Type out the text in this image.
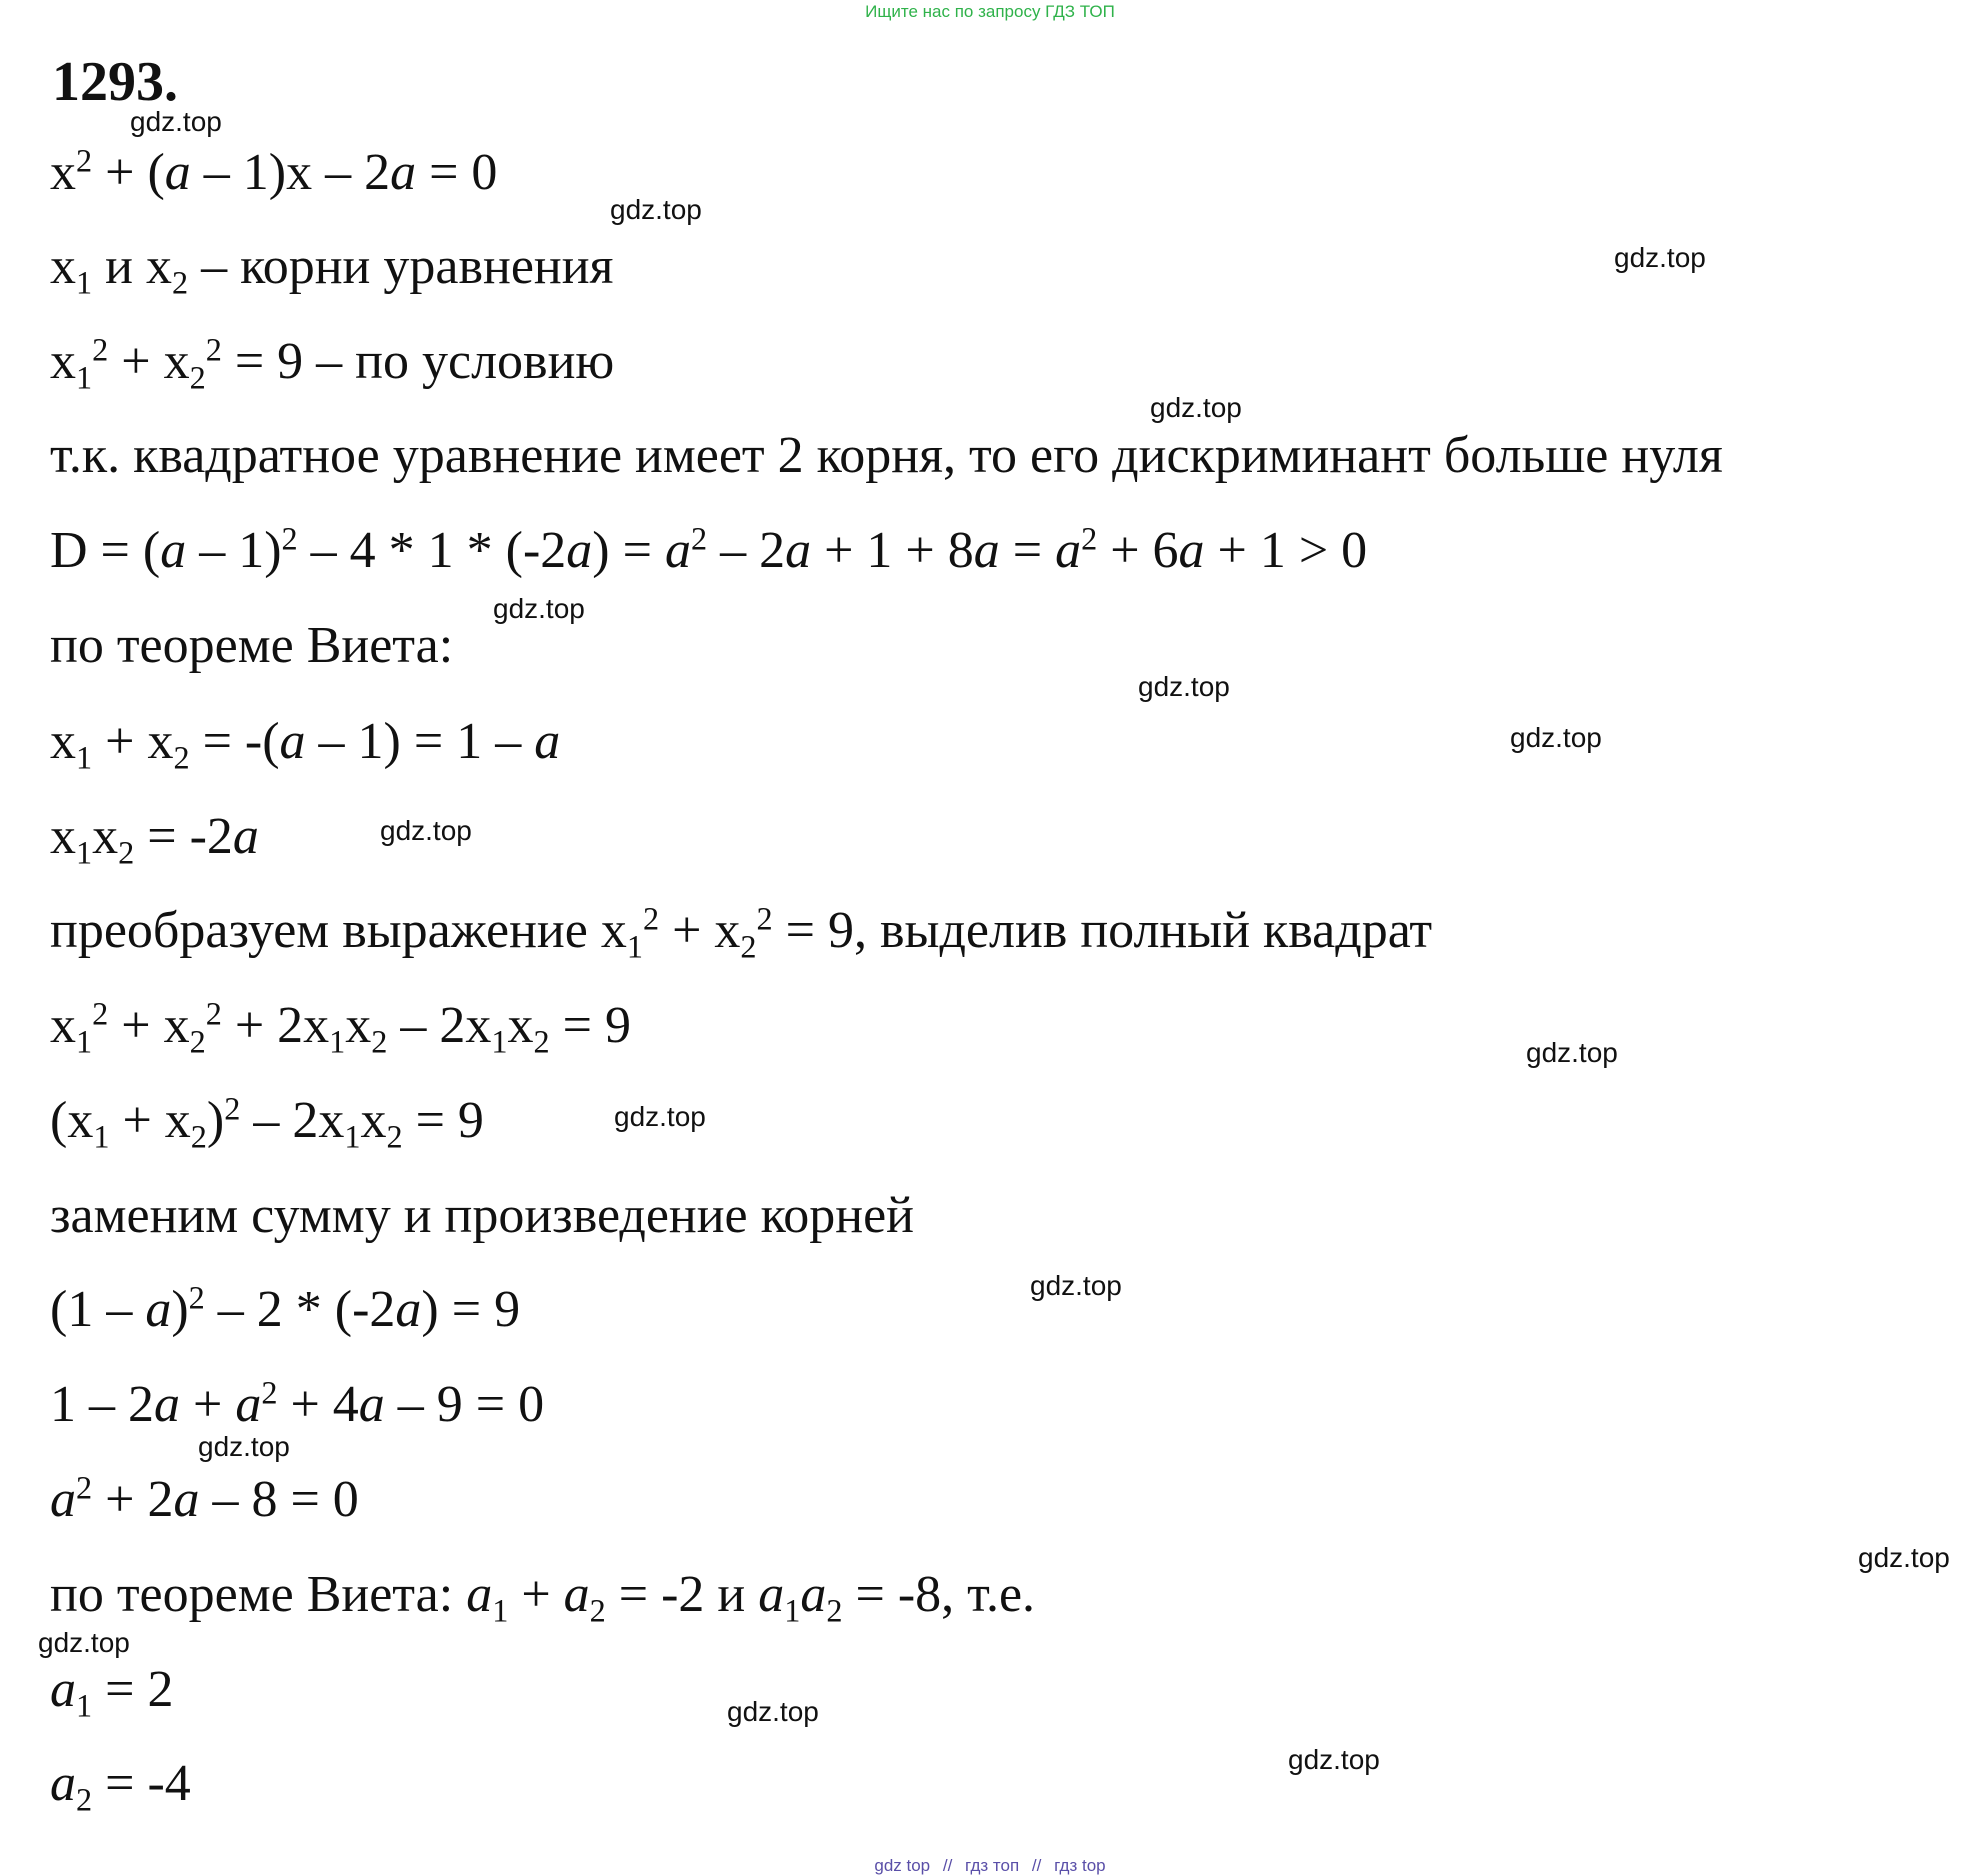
Ищите нас по запросу ГДЗ ТОП
1293.
$x^2 + (a - 1)x - 2a = 0$
$x_1$ и $x_2$ – корни уравнения
$x_1^2 + x_2^2 = 9$ – по условию
т.к. квадратное уравнение имеет 2 корня, то его дискриминант больше нуля
$D = (a - 1)^2 - 4 * 1 * (-2a) = a^2 - 2a + 1 + 8a = a^2 + 6a + 1 > 0$
по теореме Виета:
$x_1 + x_2 = -(a - 1) = 1 - a$
$x_1x_2 = -2a$
преобразуем выражение $x_1^2 + x_2^2 = 9$, выделив полный квадрат
$x_1^2 + x_2^2 + 2x_1x_2 - 2x_1x_2 = 9$
$(x_1 + x_2)^2 - 2x_1x_2 = 9$
заменим сумму и произведение корней
(1 – a)$^2$ – 2 * (-2a) = 9
$1 - 2a + a^2 + 4a - 9 = 0$
$a^2 + 2a - 8 = 0$
по теореме Виета: $a_1 + a_2 = -2$ и $a_1a_2 = -8$, т.е.
$a_1 = 2$
$a_2 = -4$
gdz.top
gdz.top
gdz.top
gdz.top
gdz.top
gdz.top
gdz.top
gdz.top
gdz.top
gdz.top
gdz.top
gdz.top
gdz.top
gdz.top
gdz.top
gdz.top
gdz top // гдз топ // гдз top
